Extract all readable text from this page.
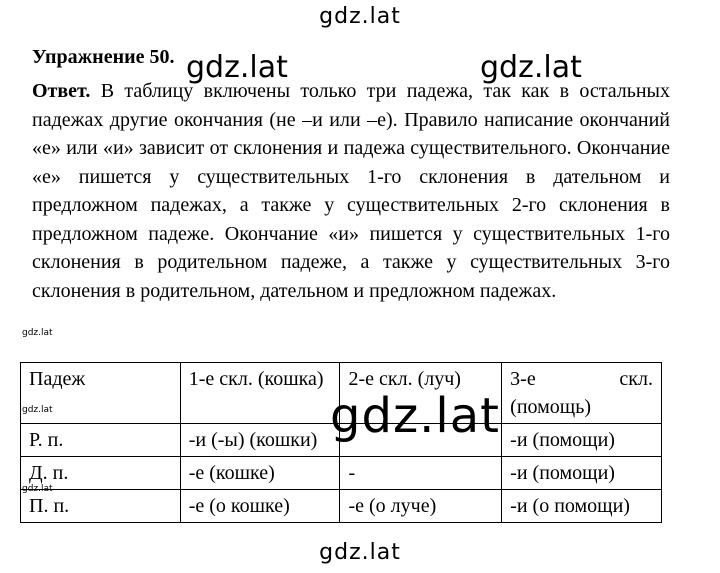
gdz.lat
Упражнение 50.
Ответ. В таблицу включены только три падежа, так как в остальных падежах другие окончания (не –и или –е). Правило написание окончаний «е» или «и» зависит от склонения и падежа существительного. Окончание «е» пишется у существительных 1-го склонения в дательном и предложном падежах, а также у существительных 2-го склонения в предложном падеже. Окончание «и» пишется у существительных 1-го склонения в родительном падеже, а также у существительных 3-го склонения в родительном, дательном и предложном падежах.
Падеж	1-е скл. (кошка)	2-е скл. (луч)	3-е скл.
(помощь)

Р. п.	-и (-ы) (кошки)		-и (помощи)
Д. п.	-е (кошке)	-	-и (помощи)
П. п.	-е (о кошке)	-е (о луче)	-и (о помощи)
gdz.lat	gdz.lat
gdz.lat
gdz.lat
gdz.lat
gdz.lat
gdz.lat
